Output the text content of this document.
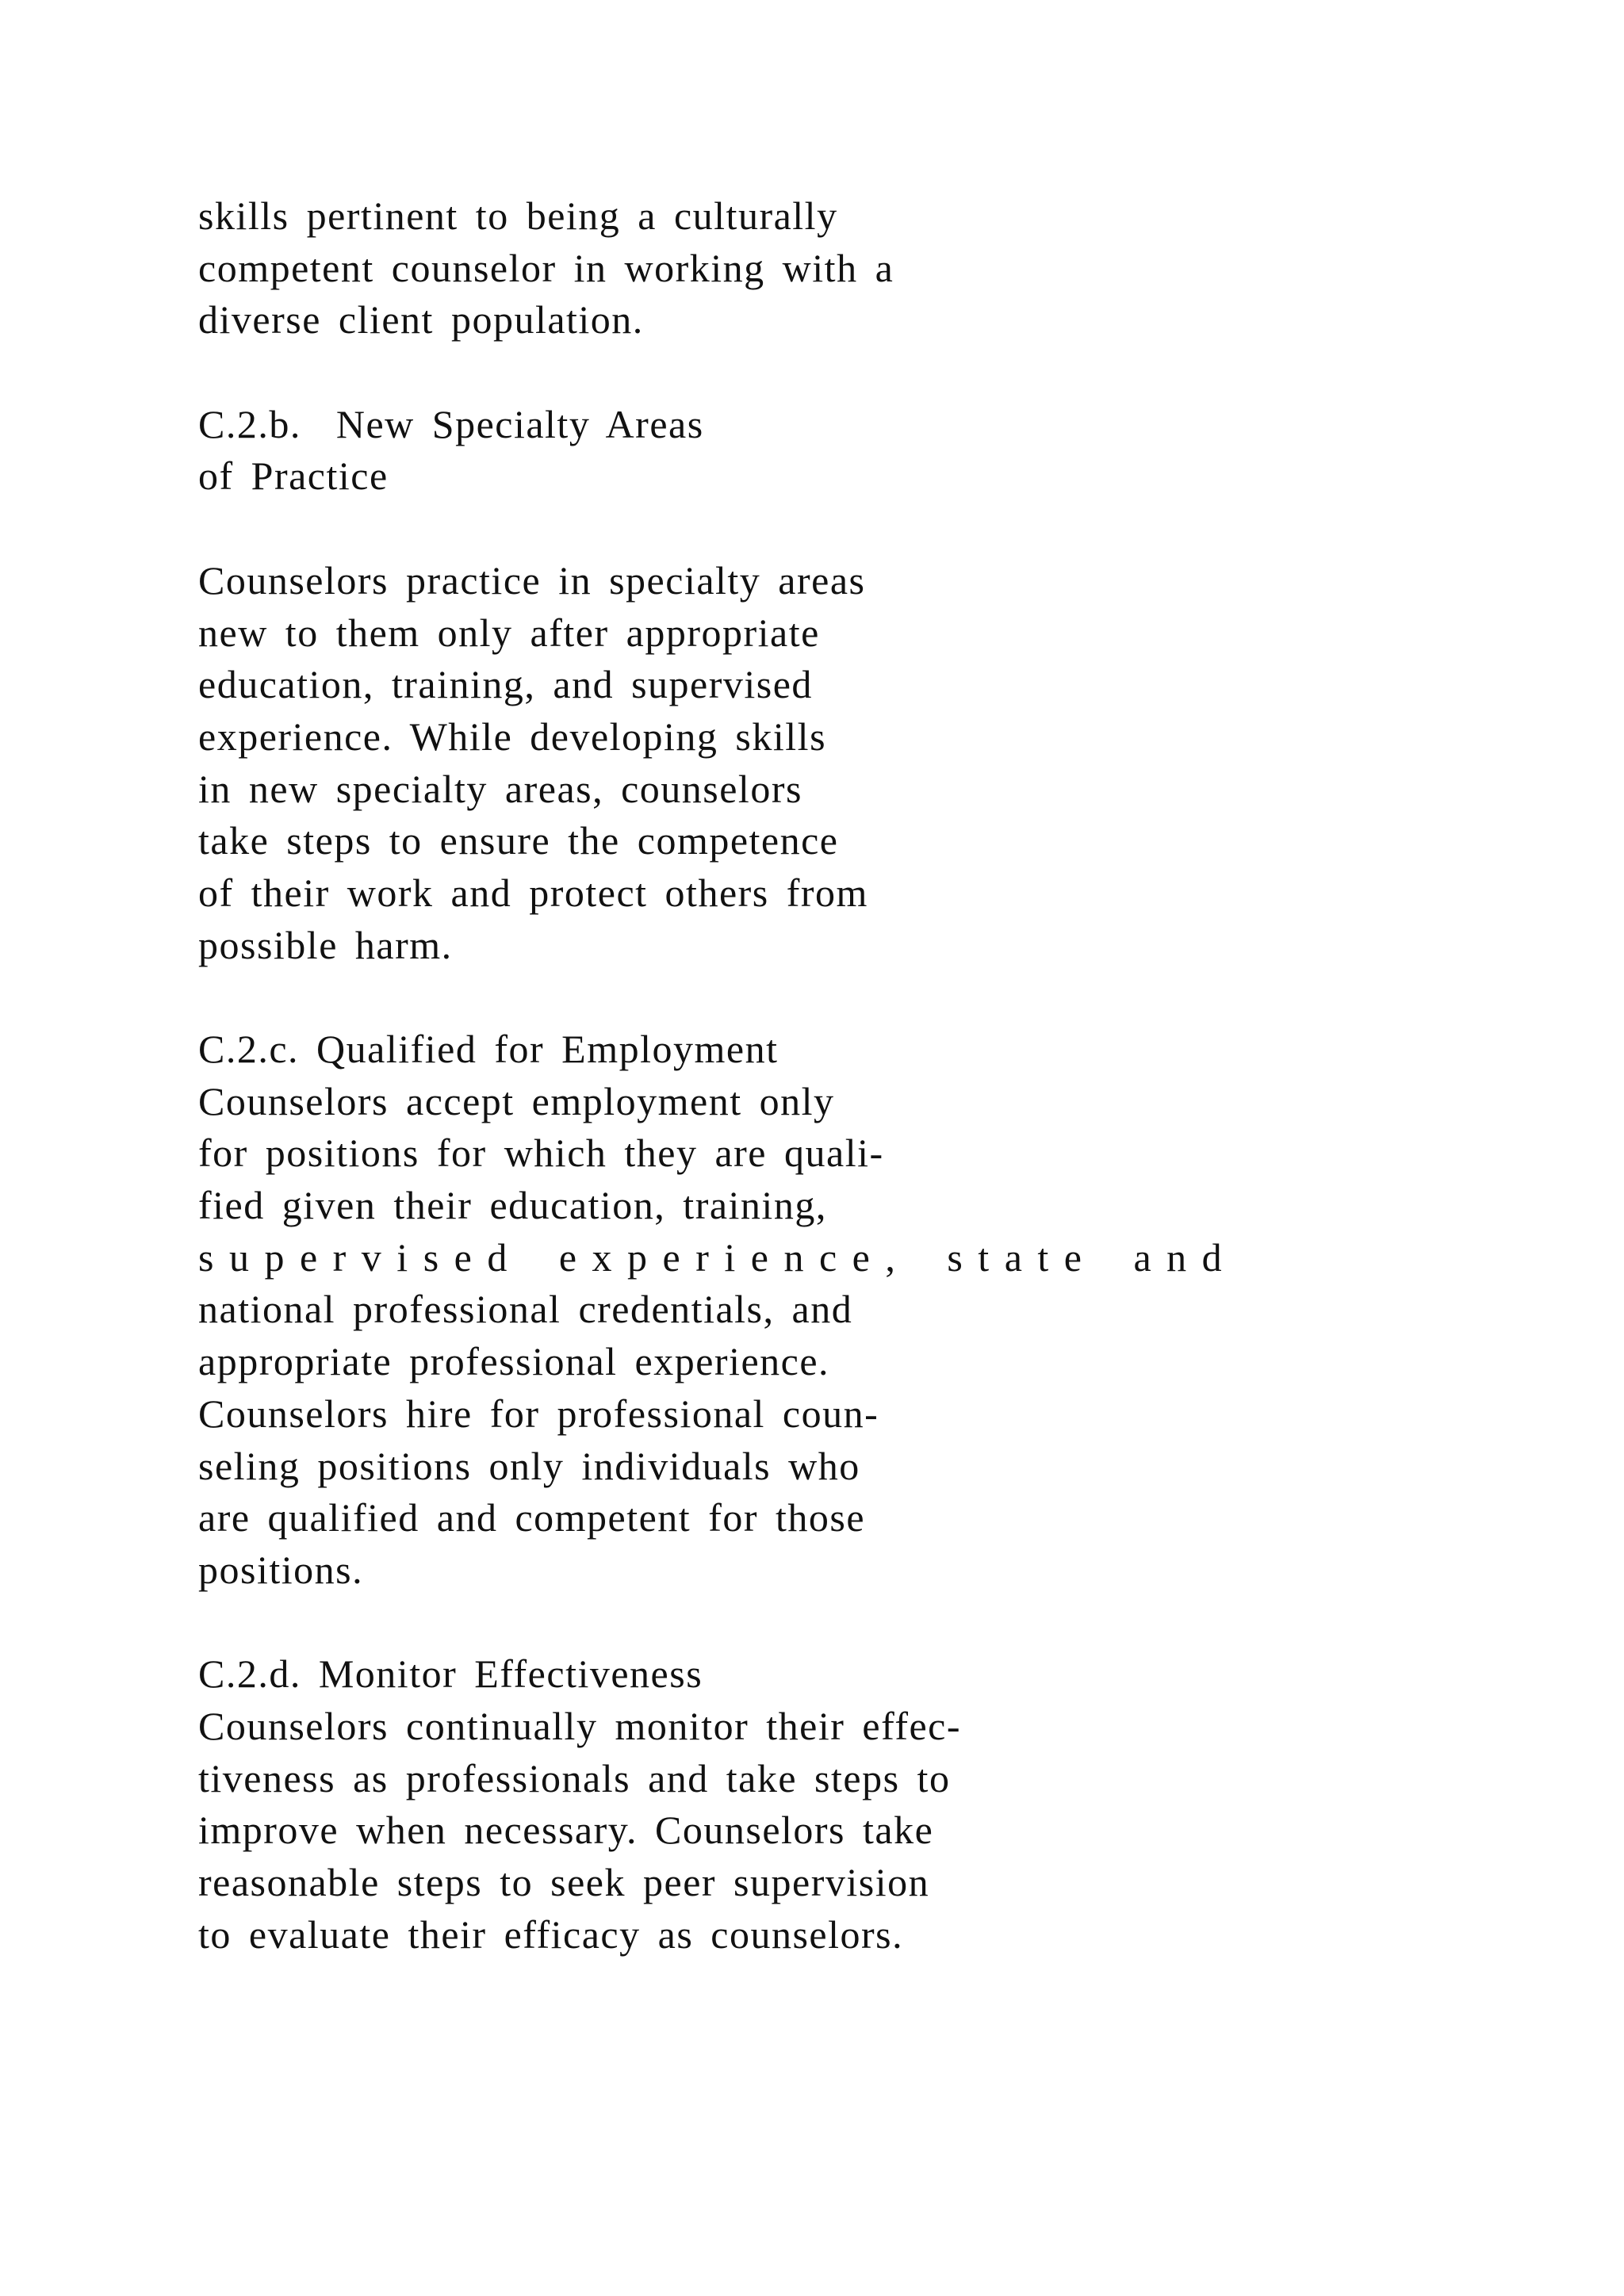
skills pertinent to being a culturally
competent counselor in working with a
diverse client population.
C.2.b.  New Specialty Areas
of Practice
Counselors practice in specialty areas
new to them only after appropriate
education, training, and supervised
experience. While developing skills
in new specialty areas, counselors
take steps to ensure the competence
of their work and protect others from
possible harm.
C.2.c. Qualified for Employment
Counselors accept employment only
for positions for which they are quali-
fied given their education, training,
supervised experience, state and
national professional credentials, and
appropriate professional experience.
Counselors hire for professional coun-
seling positions only individuals who
are qualified and competent for those
positions.
C.2.d. Monitor Effectiveness
Counselors continually monitor their effec-
tiveness as professionals and take steps to
improve when necessary. Counselors take
reasonable steps to seek peer supervision
to evaluate their efficacy as counselors.
